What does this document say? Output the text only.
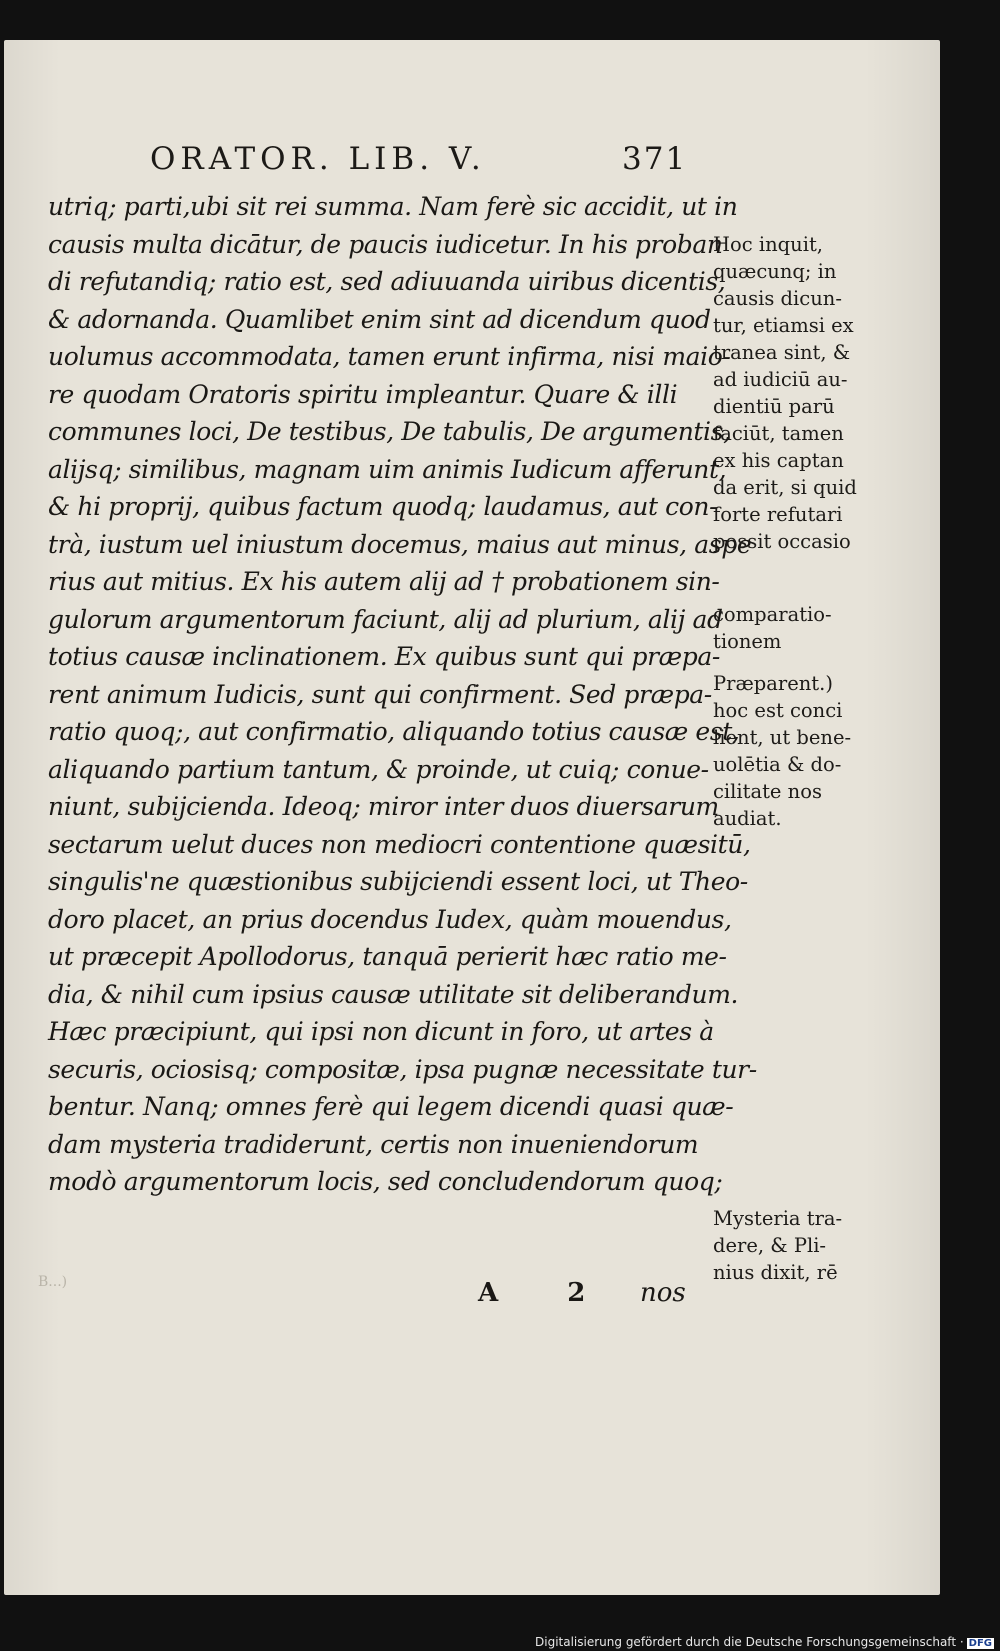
ORATOR. LIB. V.	371
utriq; parti,ubi sit rei summa. Nam ferè sic accidit, ut in
causis multa dicātur, de paucis iudicetur. In his proban
di refutandiq; ratio est, sed adiuuanda uiribus dicentis,
& adornanda. Quamlibet enim sint ad dicendum quod
uolumus accommodata, tamen erunt infirma, nisi maio-
re quodam Oratoris spiritu impleantur. Quare & illi
communes loci, De testibus, De tabulis, De argumentis,
alijsq; similibus, magnam uim animis Iudicum afferunt,
& hi proprij, quibus factum quodq; laudamus, aut con-
trà, iustum uel iniustum docemus, maius aut minus, aspe
rius aut mitius. Ex his autem alij ad † probationem sin-
gulorum argumentorum faciunt, alij ad plurium, alij ad
totius causæ inclinationem. Ex quibus sunt qui præpa-
rent animum Iudicis, sunt qui confirment. Sed præpa-
ratio quoq;, aut confirmatio, aliquando totius causæ est,
aliquando partium tantum, & proinde, ut cuiq; conue-
niunt, subijcienda. Ideoq; miror inter duos diuersarum
sectarum uelut duces non mediocri contentione quæsitū,
singulis'ne quæstionibus subijciendi essent loci, ut Theo-
doro placet, an prius docendus Iudex, quàm mouendus,
ut præcepit Apollodorus, tanquā perierit hæc ratio me-
dia, & nihil cum ipsius causæ utilitate sit deliberandum.
Hæc præcipiunt, qui ipsi non dicunt in foro, ut artes à
securis, ociosisq; compositæ, ipsa pugnæ necessitate tur-
bentur. Nanq; omnes ferè qui legem dicendi quasi quæ-
dam mysteria tradiderunt, certis non inueniendorum
modò argumentorum locis, sed concludendorum quoq;
Hoc inquit,
quæcunq; in
causis dicun-
tur, etiamsi ex
tranea sint, &
ad iudiciū au-
dientiū parū
faciūt, tamen
ex his captan
da erit, si quid
forte refutari
possit occasio
comparatio-
tionem
Præparent.)
hoc est conci
lient, ut bene-
uolētia & do-
cilitate nos
audiat.
Mysteria tra-
dere, & Pli-
nius dixit, rē
B...)	A 2 nos
Digitalisierung gefördert durch die Deutsche Forschungsgemeinschaft · DFG
